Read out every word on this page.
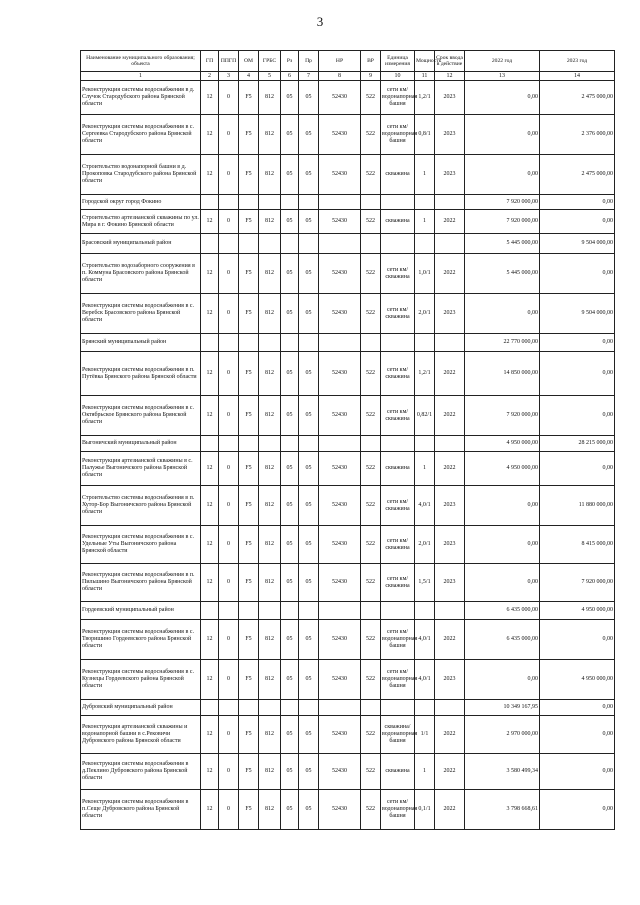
3
Наименование муниципального образования; объекта	ГП	ППГП	ОМ	ГРБС	Рз	Пр	НР	ВР	Единица измерения	Мощность	Срок ввода в действие	2022 год	2023 год
1	2	3	4	5	6	7	8	9	10	11	12	13	14
Реконструкция системы водоснабжения в д. Случок Стародубского района Брянской области	12	0	F5	812	05	05	52430	522	сети км/водонапорная башня	1,2/1	2023	0,00	2 475 000,00
Реконструкция системы водоснабжения в с. Сергеевка Стародубского района Брянской области	12	0	F5	812	05	05	52430	522	сети км/водонапорная башня	0,8/1	2023	0,00	2 376 000,00
Строительство водонапорной башни в д. Прокоповка Стародубского района Брянской области	12	0	F5	812	05	05	52430	522	скважина	1	2023	0,00	2 475 000,00
Городской округ город Фокино												7 920 000,00	0,00
Строительство артезианской скважины по ул. Мира в г. Фокино Брянской области	12	0	F5	812	05	05	52430	522	скважина	1	2022	7 920 000,00	0,00
Брасовский муниципальный район												5 445 000,00	9 504 000,00
Строительство водозаборного сооружения в п. Коммуна Брасовского района Брянской области	12	0	F5	812	05	05	52430	522	сети км/скважина	1,0/1	2022	5 445 000,00	0,00
Реконструкция системы водоснабжения в с. Веребск Брасовского района Брянской области	12	0	F5	812	05	05	52430	522	сети км/скважина	2,0/1	2023	0,00	9 504 000,00
Брянский муниципальный район												22 770 000,00	0,00
Реконструкция системы водоснабжения в п. Путёвка Брянского района Брянской области	12	0	F5	812	05	05	52430	522	сети км/скважина	1,2/1	2022	14 850 000,00	0,00
Реконструкция системы водоснабжения в с. Октябрьское Брянского района Брянской области	12	0	F5	812	05	05	52430	522	сети км/скважина	0,82/1	2022	7 920 000,00	0,00
Выгоничский муниципальный район												4 950 000,00	28 215 000,00
Реконструкция артезианской скважины в с. Палужье Выгоничского района Брянской области	12	0	F5	812	05	05	52430	522	скважина	1	2022	4 950 000,00	0,00
Строительство системы водоснабжения в п. Хутор-Бор Выгоничского района Брянской области	12	0	F5	812	05	05	52430	522	сети км/скважина	4,0/1	2023	0,00	11 880 000,00
Реконструкция системы водоснабжения в с. Удельные Уты Выгоничского района Брянской области	12	0	F5	812	05	05	52430	522	сети км/скважина	2,0/1	2023	0,00	8 415 000,00
Реконструкция системы водоснабжения в п. Пильшино Выгоничского района Брянской области	12	0	F5	812	05	05	52430	522	сети км/скважина	1,5/1	2023	0,00	7 920 000,00
Гордеевский муниципальный район												6 435 000,00	4 950 000,00
Реконструкция системы водоснабжения в с. Творишино Гордеевского района Брянской области	12	0	F5	812	05	05	52430	522	сети км/водонапорная башня	4,0/1	2022	6 435 000,00	0,00
Реконструкция системы водоснабжения в с. Кузнецы Гордеевского района Брянской области	12	0	F5	812	05	05	52430	522	сети км/водонапорная башня	4,0/1	2023	0,00	4 950 000,00
Дубровский муниципальный район												10 349 167,95	0,00
Реконструкция артезианской скважины и водонапорной башни в с.Рековичи Дубровского района Брянской области	12	0	F5	812	05	05	52430	522	скважина/водонапорная башня	1/1	2022	2 970 000,00	0,00
Реконструкция системы водоснабжения в д.Пеклино Дубровского района Брянской области	12	0	F5	812	05	05	52430	522	скважина	1	2022	3 580 499,34	0,00
Реконструкция системы водоснабжения в п.Сеще Дубровского района Брянской области	12	0	F5	812	05	05	52430	522	сети км/водонапорная башня	0,1/1	2022	3 798 668,61	0,00
